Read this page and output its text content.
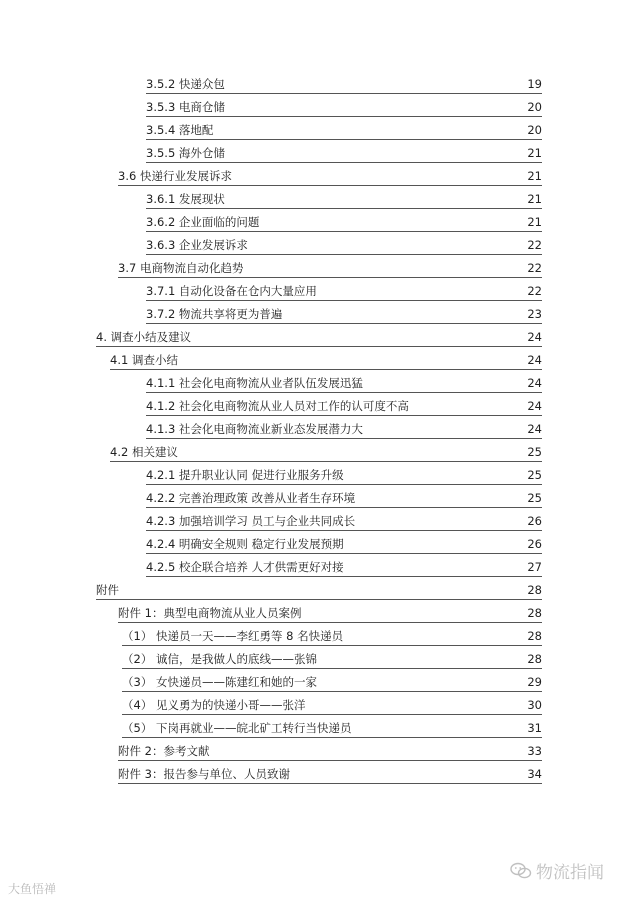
3.5.2 快递众包	19
3.5.3 电商仓储	20
3.5.4 落地配	20
3.5.5 海外仓储	21
3.6 快递行业发展诉求	21
3.6.1 发展现状	21
3.6.2 企业面临的问题	21
3.6.3 企业发展诉求	22
3.7 电商物流自动化趋势	22
3.7.1 自动化设备在仓内大量应用	22
3.7.2 物流共享将更为普遍	23
4. 调查小结及建议	24
4.1 调查小结	24
4.1.1 社会化电商物流从业者队伍发展迅猛	24
4.1.2 社会化电商物流从业人员对工作的认可度不高	24
4.1.3 社会化电商物流业新业态发展潜力大	24
4.2 相关建议	25
4.2.1 提升职业认同 促进行业服务升级	25
4.2.2 完善治理政策 改善从业者生存环境	25
4.2.3 加强培训学习 员工与企业共同成长	26
4.2.4 明确安全规则 稳定行业发展预期	26
4.2.5 校企联合培养 人才供需更好对接	27
附件	28
附件 1：典型电商物流从业人员案例	28
（1） 快递员一天——李红勇等 8 名快递员	28
（2） 诚信，是我做人的底线——张锦	28
（3） 女快递员——陈建红和她的一家	29
（4） 见义勇为的快递小哥——张洋	30
（5） 下岗再就业——皖北矿工转行当快递员	31
附件 2：参考文献	33
附件 3：报告参与单位、人员致谢	34
大鱼悟禅
物流指闻
